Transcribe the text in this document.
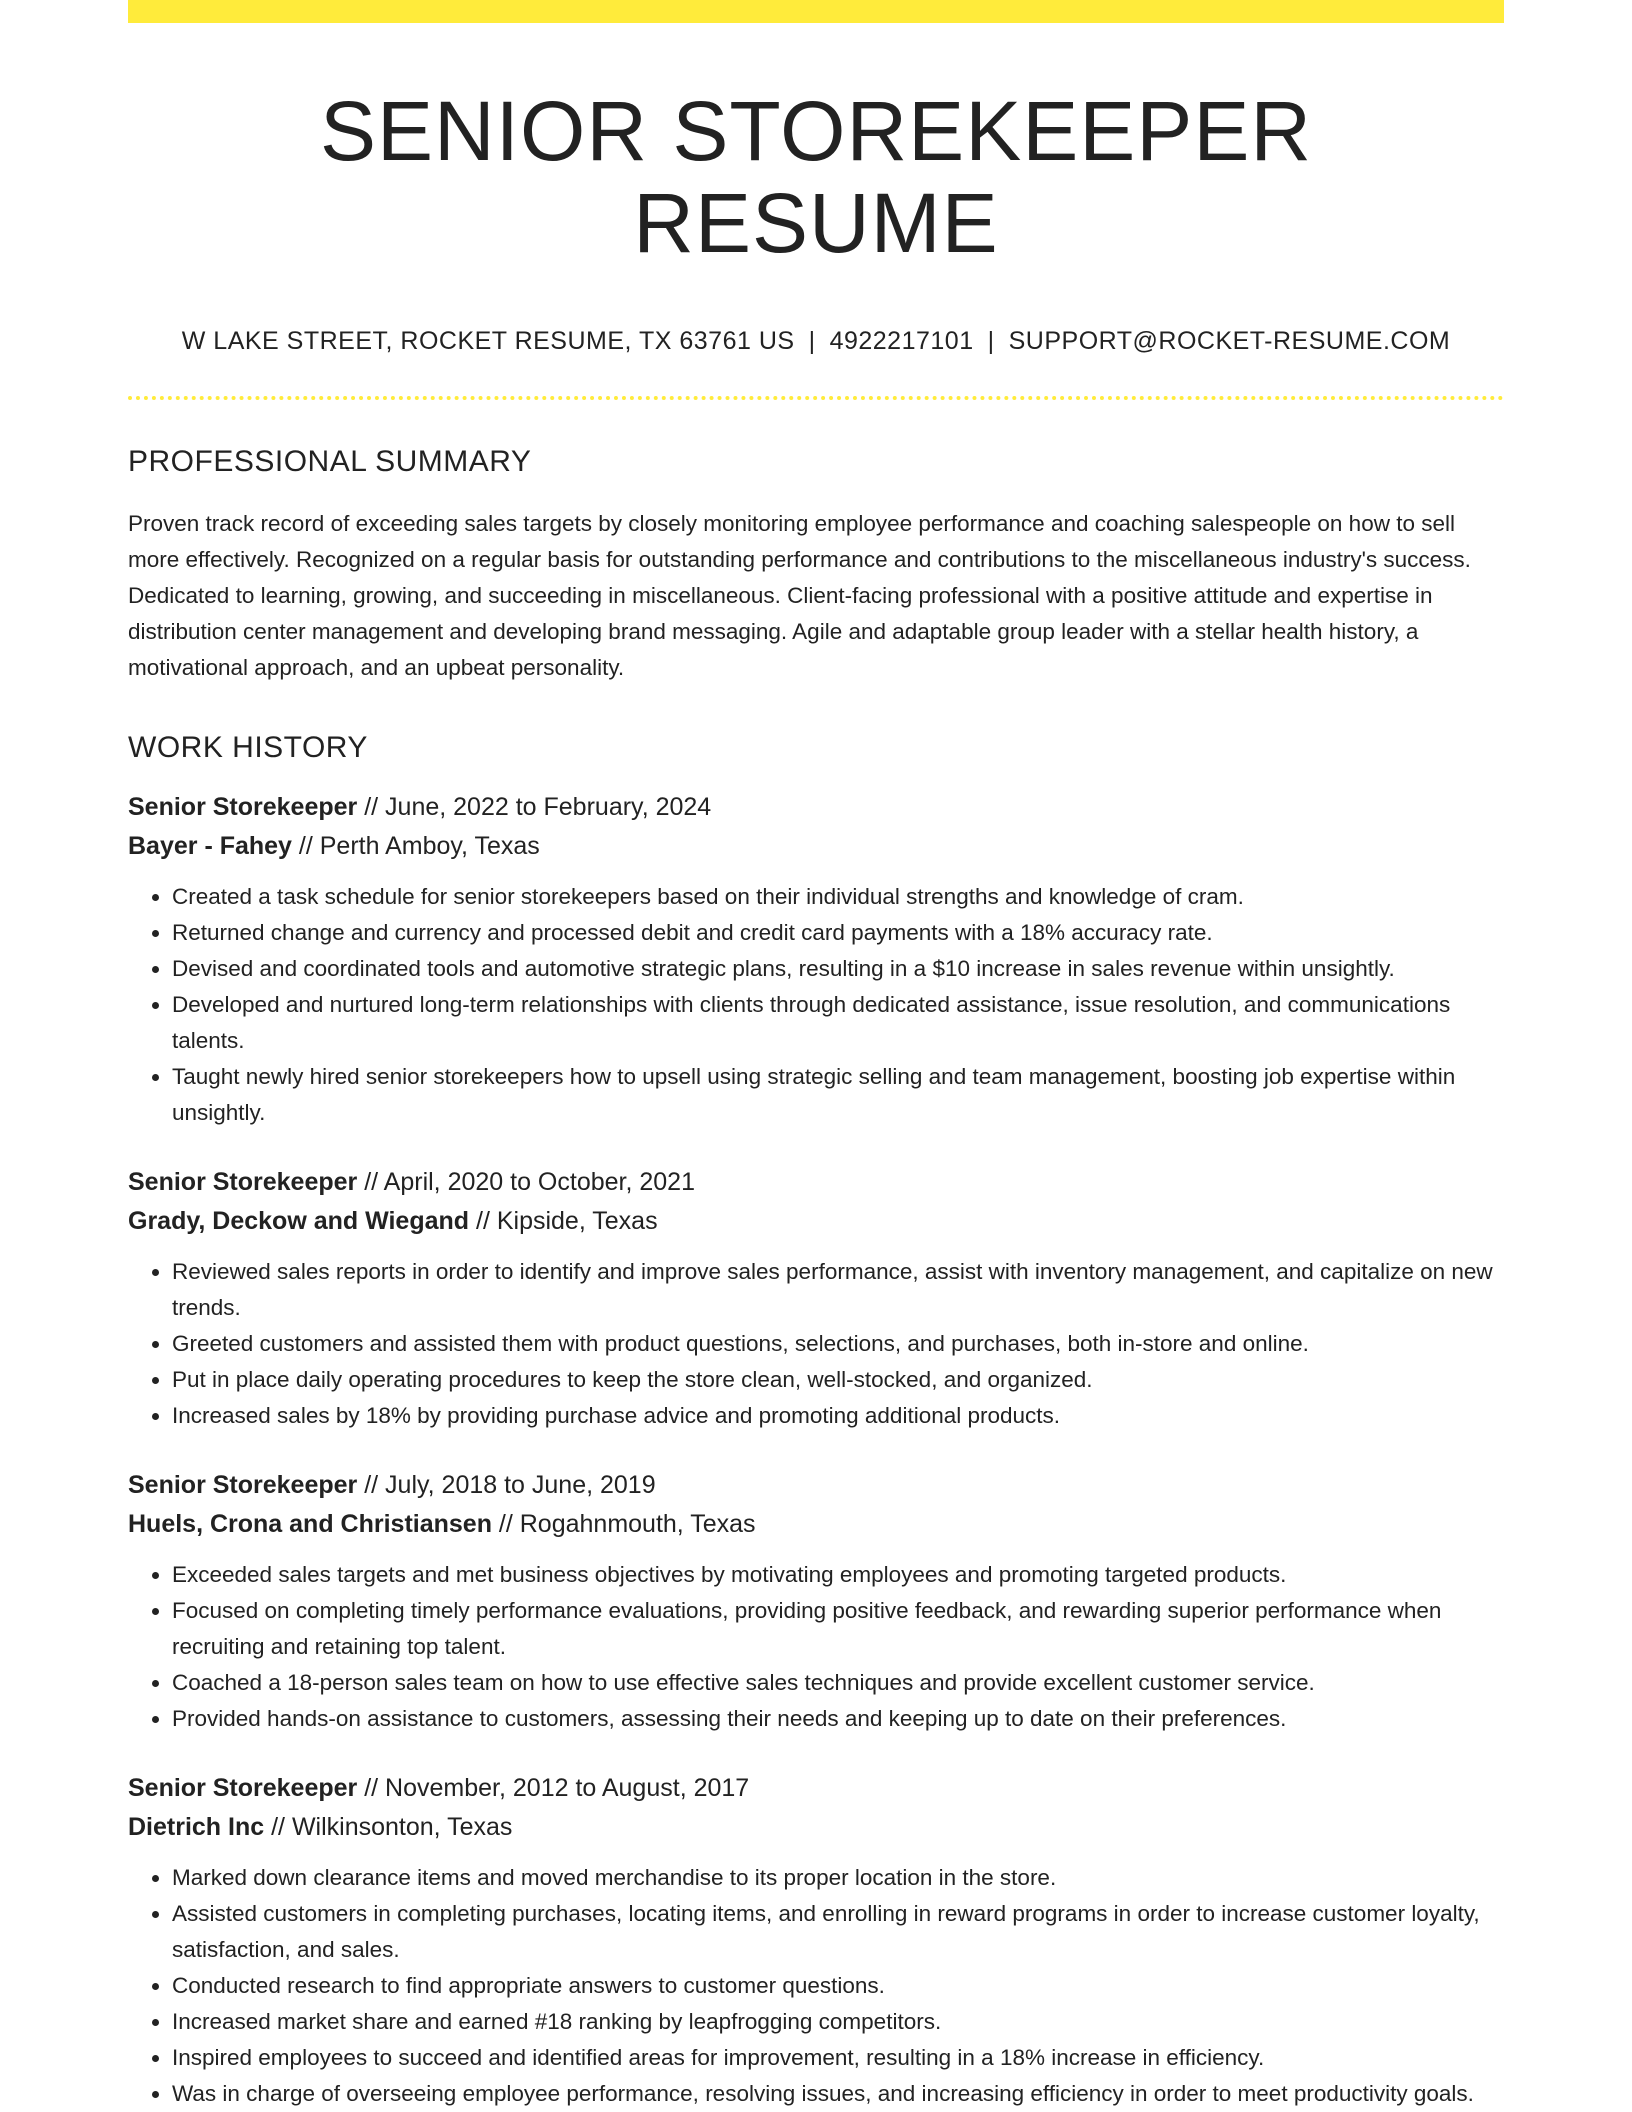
SENIOR STOREKEEPER RESUME
W LAKE STREET, ROCKET RESUME, TX 63761 US | 4922217101 | SUPPORT@ROCKET-RESUME.COM
PROFESSIONAL SUMMARY

Proven track record of exceeding sales targets by closely monitoring employee performance and coaching salespeople on how to sell more effectively. Recognized on a regular basis for outstanding performance and contributions to the miscellaneous industry's success. Dedicated to learning, growing, and succeeding in miscellaneous. Client-facing professional with a positive attitude and expertise in distribution center management and developing brand messaging. Agile and adaptable group leader with a stellar health history, a motivational approach, and an upbeat personality.

WORK HISTORY
Senior Storekeeper // June, 2022 to February, 2024
Bayer - Fahey // Perth Amboy, Texas
• Created a task schedule for senior storekeepers based on their individual strengths and knowledge of cram.
• Returned change and currency and processed debit and credit card payments with a 18% accuracy rate.
• Devised and coordinated tools and automotive strategic plans, resulting in a $10 increase in sales revenue within unsightly.
• Developed and nurtured long-term relationships with clients through dedicated assistance, issue resolution, and communications talents.
• Taught newly hired senior storekeepers how to upsell using strategic selling and team management, boosting job expertise within unsightly.
Senior Storekeeper // April, 2020 to October, 2021
Grady, Deckow and Wiegand // Kipside, Texas
• Reviewed sales reports in order to identify and improve sales performance, assist with inventory management, and capitalize on new trends.
• Greeted customers and assisted them with product questions, selections, and purchases, both in-store and online.
• Put in place daily operating procedures to keep the store clean, well-stocked, and organized.
• Increased sales by 18% by providing purchase advice and promoting additional products.
Senior Storekeeper // July, 2018 to June, 2019
Huels, Crona and Christiansen // Rogahnmouth, Texas
• Exceeded sales targets and met business objectives by motivating employees and promoting targeted products.
• Focused on completing timely performance evaluations, providing positive feedback, and rewarding superior performance when recruiting and retaining top talent.
• Coached a 18-person sales team on how to use effective sales techniques and provide excellent customer service.
• Provided hands-on assistance to customers, assessing their needs and keeping up to date on their preferences.
Senior Storekeeper // November, 2012 to August, 2017
Dietrich Inc // Wilkinsonton, Texas
• Marked down clearance items and moved merchandise to its proper location in the store.
• Assisted customers in completing purchases, locating items, and enrolling in reward programs in order to increase customer loyalty, satisfaction, and sales.
• Conducted research to find appropriate answers to customer questions.
• Increased market share and earned #18 ranking by leapfrogging competitors.
• Inspired employees to succeed and identified areas for improvement, resulting in a 18% increase in efficiency.
• Was in charge of overseeing employee performance, resolving issues, and increasing efficiency in order to meet productivity goals.
